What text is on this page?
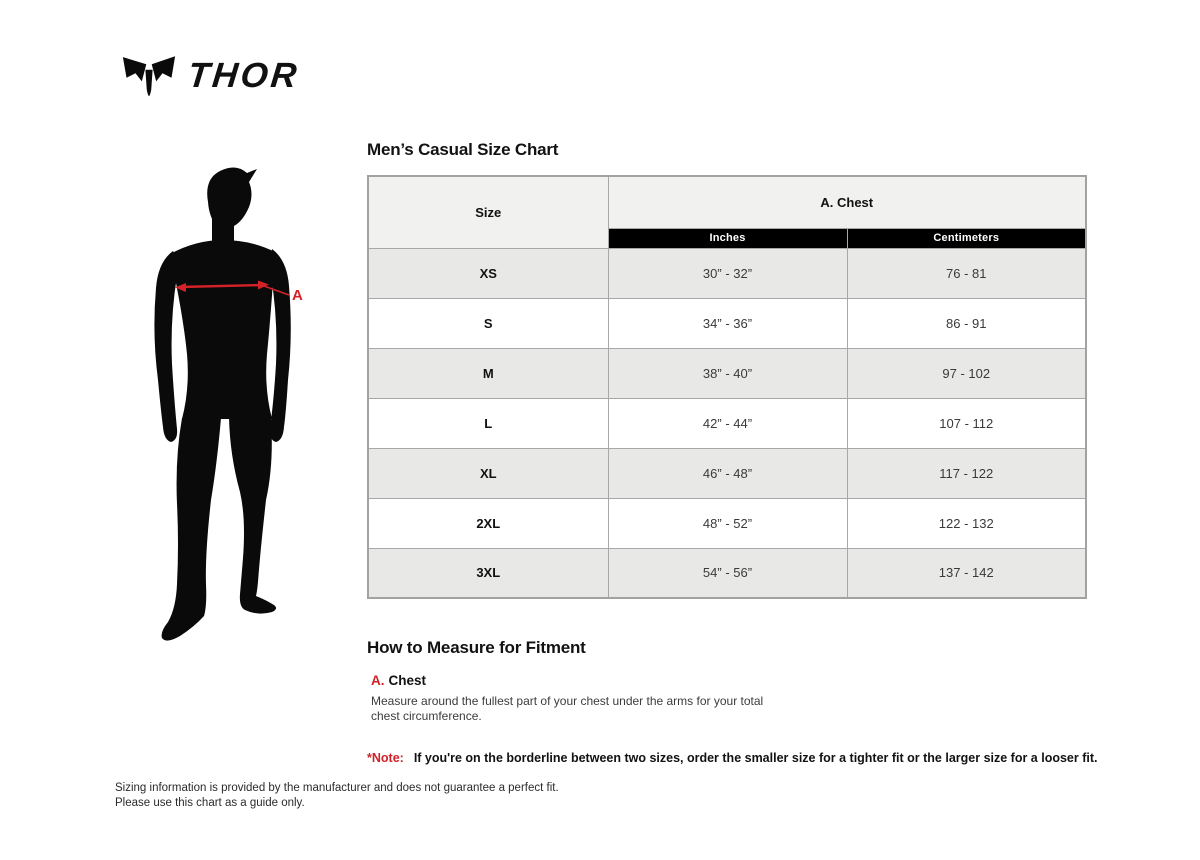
THOR
A
Men’s Casual Size Chart
Size	A. Chest	
	Inches	Centimeters
XS	30” - 32”	76 - 81
S	34” - 36”	86 - 91
M	38” - 40”	97 - 102
L	42” - 44”	107 - 112
XL	46” - 48”	117 - 122
2XL	48” - 52”	122 - 132
3XL	54” - 56”	137 - 142
How to Measure for Fitment
A. Chest
Measure around the fullest part of your chest under the arms for your total chest circumference.
*Note: If you're on the borderline between two sizes, order the smaller size for a tighter fit or the larger size for a looser fit.
Sizing information is provided by the manufacturer and does not guarantee a perfect fit.
Please use this chart as a guide only.
